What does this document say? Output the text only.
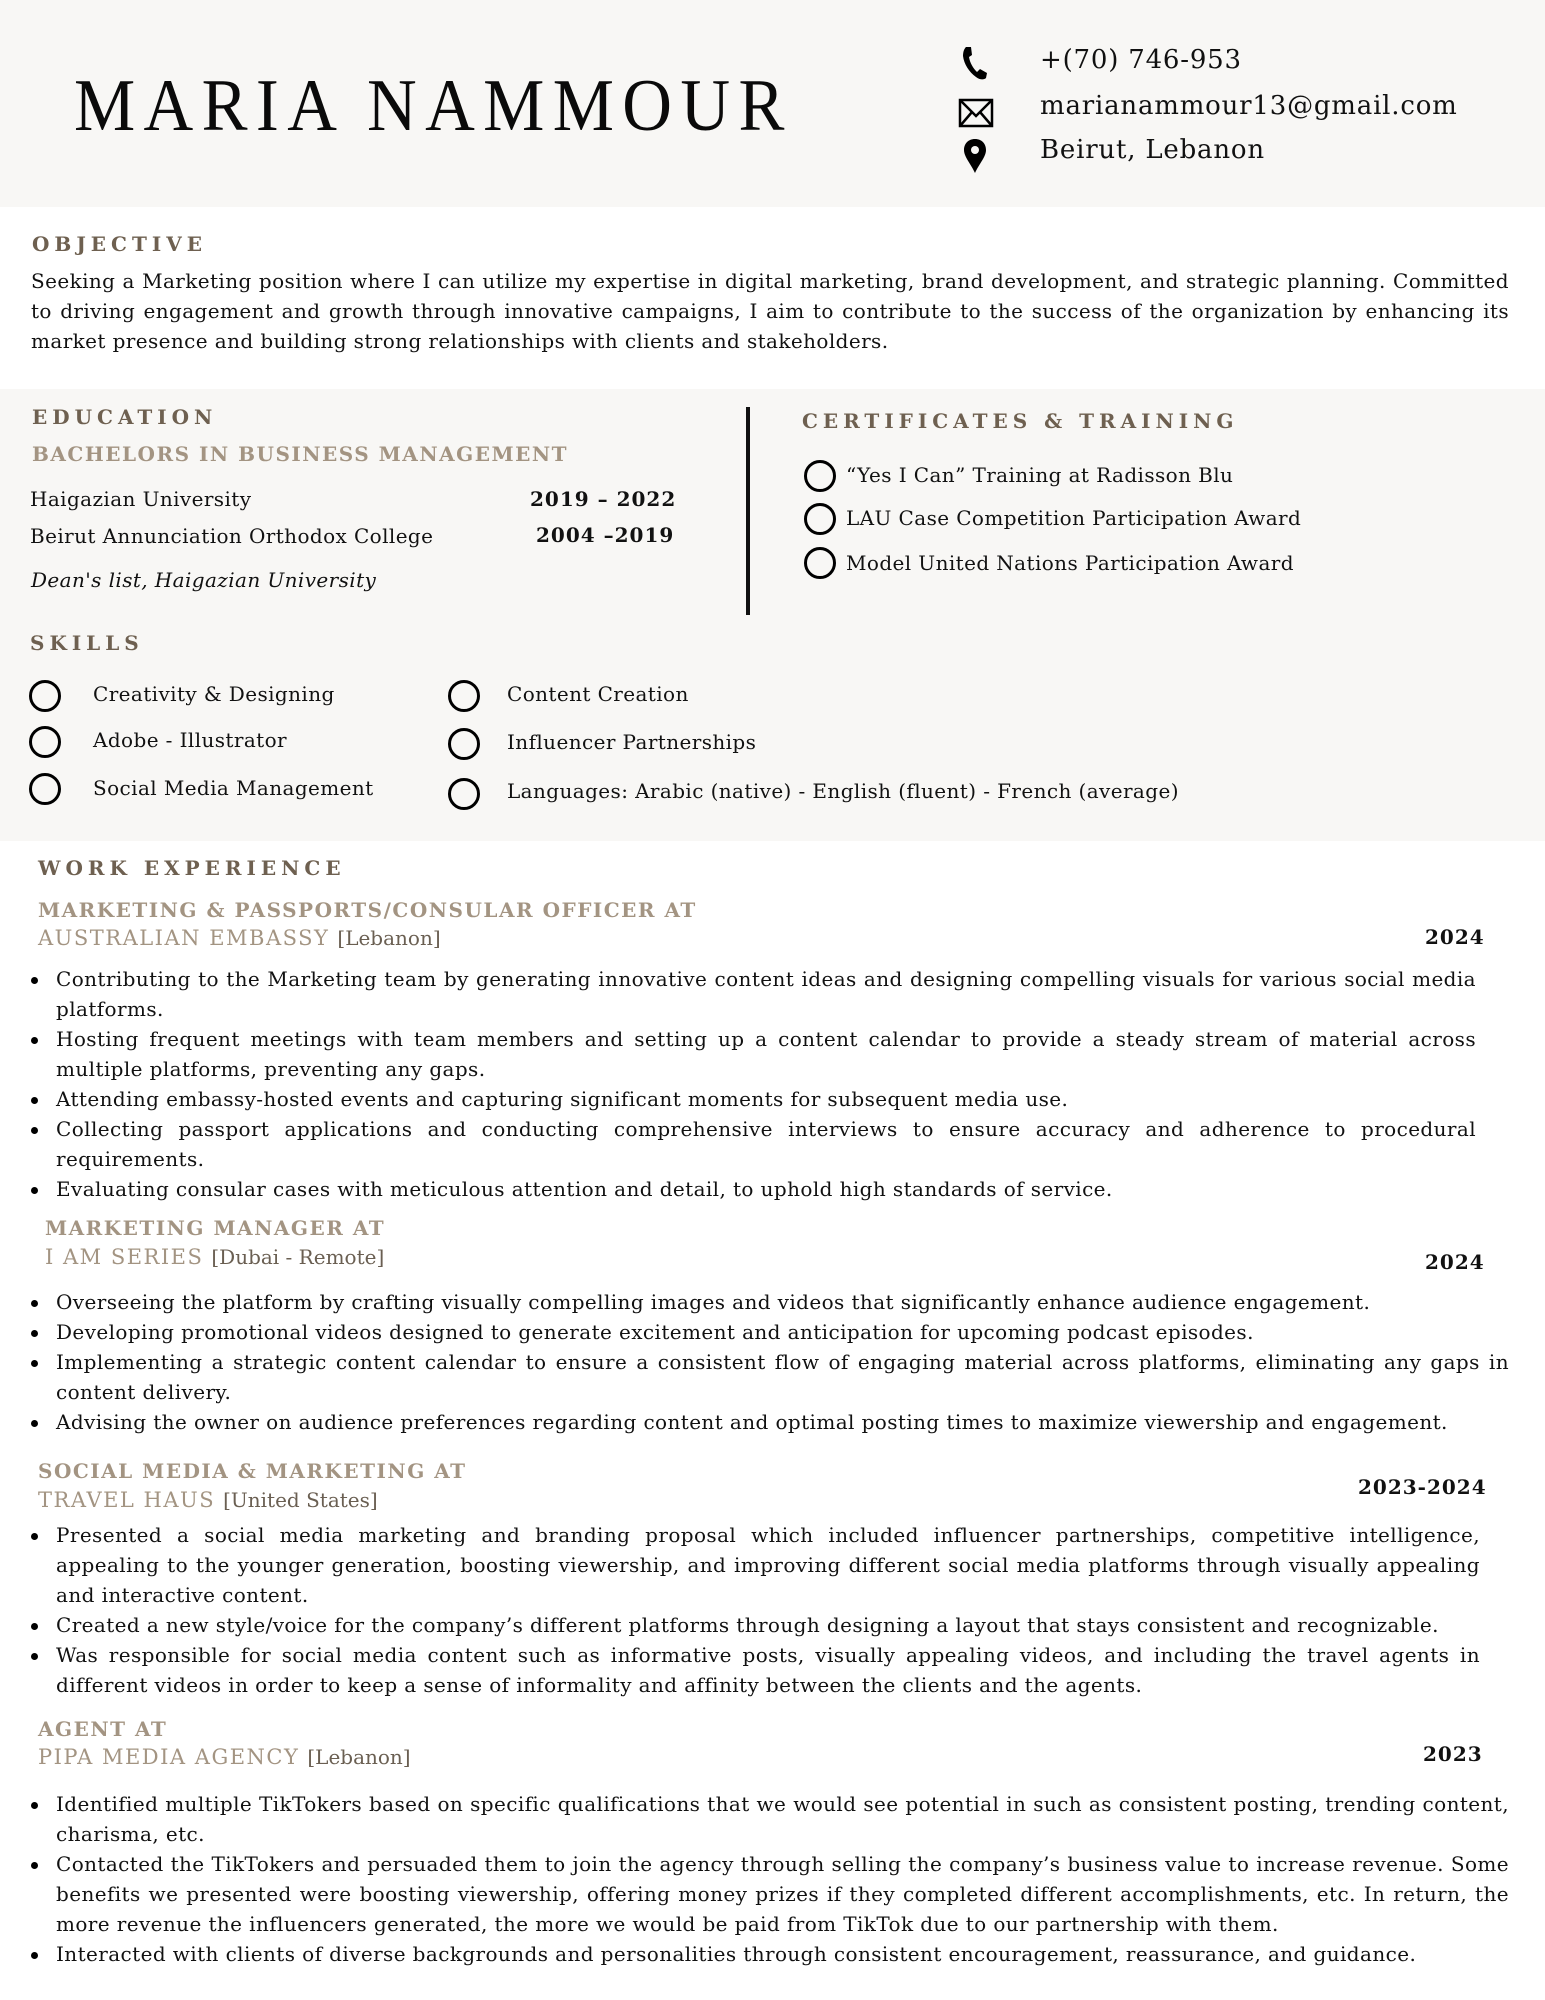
MARIA NAMMOUR
+(70) 746-953
marianammour13@gmail.com
Beirut, Lebanon
OBJECTIVE
Seeking a Marketing position where I can utilize my expertise in digital marketing, brand development, and strategic planning. Committed to driving engagement and growth through innovative campaigns, I aim to contribute to the success of the organization by enhancing its market presence and building strong relationships with clients and stakeholders.
EDUCATION
BACHELORS IN BUSINESS MANAGEMENT
Haigazian University	2019 – 2022
Beirut Annunciation Orthodox College	2004 –2019
Dean's list, Haigazian University
CERTIFICATES & TRAINING
“Yes I Can” Training at Radisson Blu
LAU Case Competition Participation Award
Model United Nations Participation Award
SKILLS
Creativity & Designing
Adobe - Illustrator
Social Media Management
Content Creation
Influencer Partnerships
Languages: Arabic (native) - English (fluent) - French (average)
WORK EXPERIENCE
MARKETING & PASSPORTS/CONSULAR OFFICER AT
AUSTRALIAN EMBASSY [Lebanon]	2024
Contributing to the Marketing team by generating innovative content ideas and designing compelling visuals for various social media platforms.
Hosting frequent meetings with team members and setting up a content calendar to provide a steady stream of material across multiple platforms, preventing any gaps.
Attending embassy-hosted events and capturing significant moments for subsequent media use.
Collecting passport applications and conducting comprehensive interviews to ensure accuracy and adherence to procedural requirements.
Evaluating consular cases with meticulous attention and detail, to uphold high standards of service.
MARKETING MANAGER AT
I AM SERIES [Dubai - Remote]	2024
Overseeing the platform by crafting visually compelling images and videos that significantly enhance audience engagement.
Developing promotional videos designed to generate excitement and anticipation for upcoming podcast episodes.
Implementing a strategic content calendar to ensure a consistent flow of engaging material across platforms, eliminating any gaps in content delivery.
Advising the owner on audience preferences regarding content and optimal posting times to maximize viewership and engagement.
SOCIAL MEDIA & MARKETING AT
TRAVEL HAUS [United States]
2023-2024
Presented a social media marketing and branding proposal which included influencer partnerships, competitive intelligence, appealing to the younger generation, boosting viewership, and improving different social media platforms through visually appealing and interactive content.
Created a new style/voice for the company’s different platforms through designing a layout that stays consistent and recognizable.
Was responsible for social media content such as informative posts, visually appealing videos, and including the travel agents in different videos in order to keep a sense of informality and affinity between the clients and the agents.
AGENT AT
PIPA MEDIA AGENCY [Lebanon]	2023
Identified multiple TikTokers based on specific qualifications that we would see potential in such as consistent posting, trending content, charisma, etc.
Contacted the TikTokers and persuaded them to join the agency through selling the company’s business value to increase revenue. Some benefits we presented were boosting viewership, offering money prizes if they completed different accomplishments, etc. In return, the more revenue the influencers generated, the more we would be paid from TikTok due to our partnership with them.
Interacted with clients of diverse backgrounds and personalities through consistent encouragement, reassurance, and guidance.
